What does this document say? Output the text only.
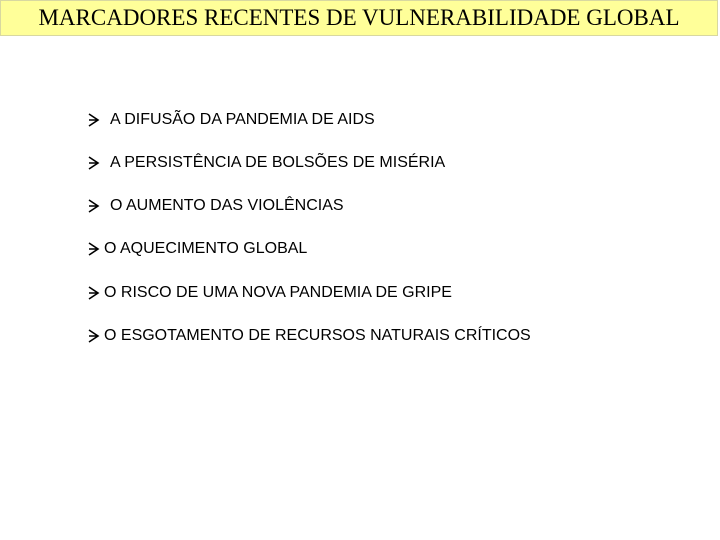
MARCADORES RECENTES DE VULNERABILIDADE GLOBAL
A DIFUSÃO DA PANDEMIA DE AIDS
A PERSISTÊNCIA DE BOLSÕES DE MISÉRIA
O AUMENTO DAS VIOLÊNCIAS
O AQUECIMENTO GLOBAL
O RISCO DE UMA NOVA PANDEMIA DE GRIPE
O ESGOTAMENTO DE RECURSOS NATURAIS CRÍTICOS
